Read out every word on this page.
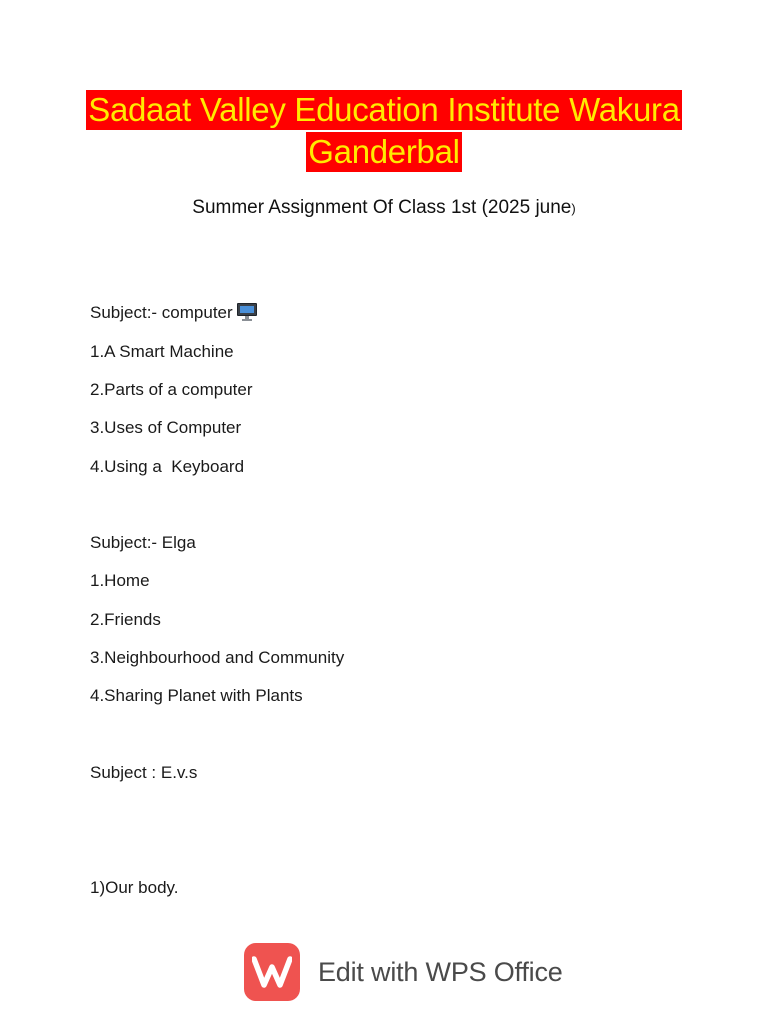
Sadaat Valley Education Institute Wakura
Ganderbal
Summer Assignment Of Class 1st (2025 june)
Subject:- computer
1.A Smart Machine
2.Parts of a computer
3.Uses of Computer
4.Using a  Keyboard
Subject:- Elga
1.Home
2.Friends
3.Neighbourhood and Community
4.Sharing Planet with Plants
Subject : E.v.s
1)Our body.
Edit with WPS Office
